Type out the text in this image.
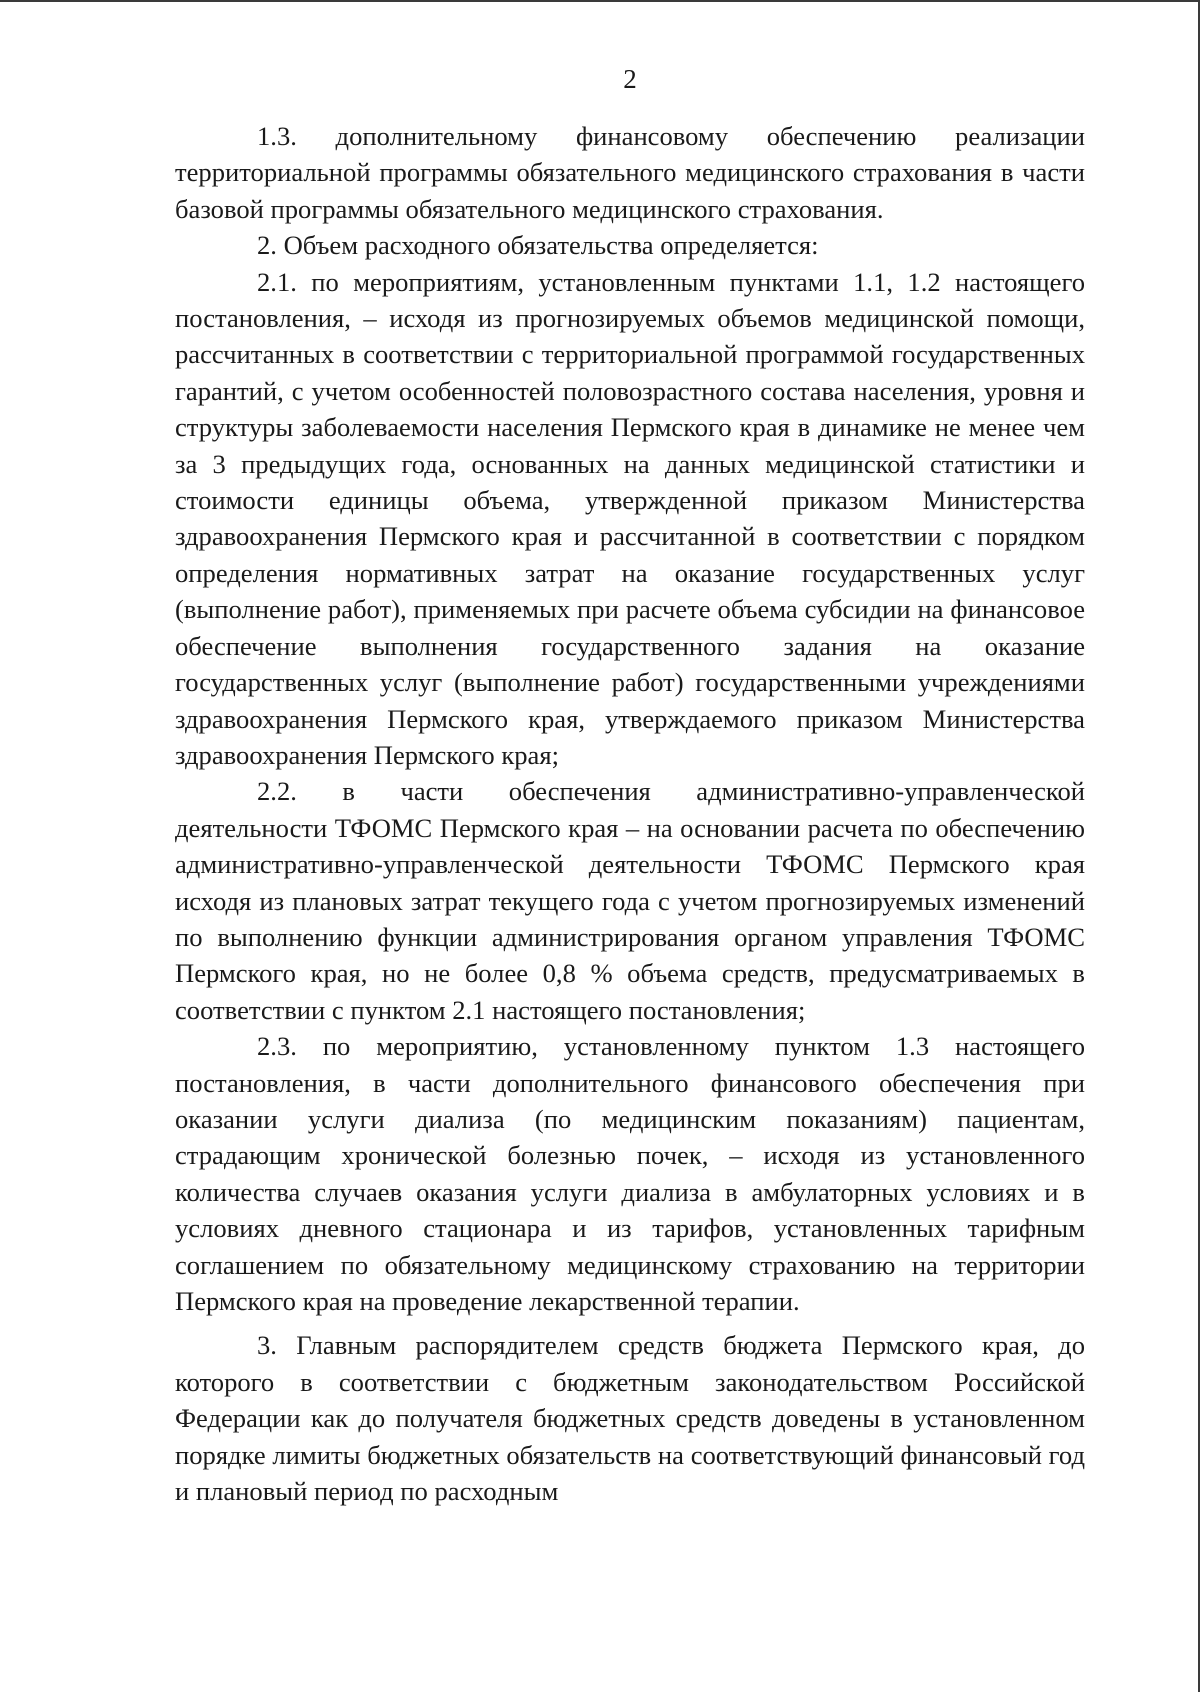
2

1.3. дополнительному финансовому обеспечению реализации территориальной программы обязательного медицинского страхования в части базовой программы обязательного медицинского страхования.

2. Объем расходного обязательства определяется:

2.1. по мероприятиям, установленным пунктами 1.1, 1.2 настоящего постановления, – исходя из прогнозируемых объемов медицинской помощи, рассчитанных в соответствии с территориальной программой государственных гарантий, с учетом особенностей половозрастного состава населения, уровня и структуры заболеваемости населения Пермского края в динамике не менее чем за 3 предыдущих года, основанных на данных медицинской статистики и стоимости единицы объема, утвержденной приказом Министерства здравоохранения Пермского края и рассчитанной в соответствии с порядком определения нормативных затрат на оказание государственных услуг (выполнение работ), применяемых при расчете объема субсидии на финансовое обеспечение выполнения государственного задания на оказание государственных услуг (выполнение работ) государственными учреждениями здравоохранения Пермского края, утверждаемого приказом Министерства здравоохранения Пермского края;

2.2. в части обеспечения административно-управленческой деятельности ТФОМС Пермского края – на основании расчета по обеспечению административно-управленческой деятельности ТФОМС Пермского края исходя из плановых затрат текущего года с учетом прогнозируемых изменений по выполнению функции администрирования органом управления ТФОМС Пермского края, но не более 0,8 % объема средств, предусматриваемых в соответствии с пунктом 2.1 настоящего постановления;

2.3. по мероприятию, установленному пунктом 1.3 настоящего постановления, в части дополнительного финансового обеспечения при оказании услуги диализа (по медицинским показаниям) пациентам, страдающим хронической болезнью почек, – исходя из установленного количества случаев оказания услуги диализа в амбулаторных условиях и в условиях дневного стационара и из тарифов, установленных тарифным соглашением по обязательному медицинскому страхованию на территории Пермского края на проведение лекарственной терапии.

3. Главным распорядителем средств бюджета Пермского края, до которого в соответствии с бюджетным законодательством Российской Федерации как до получателя бюджетных средств доведены в установленном порядке лимиты бюджетных обязательств на соответствующий финансовый год и плановый период по расходным
